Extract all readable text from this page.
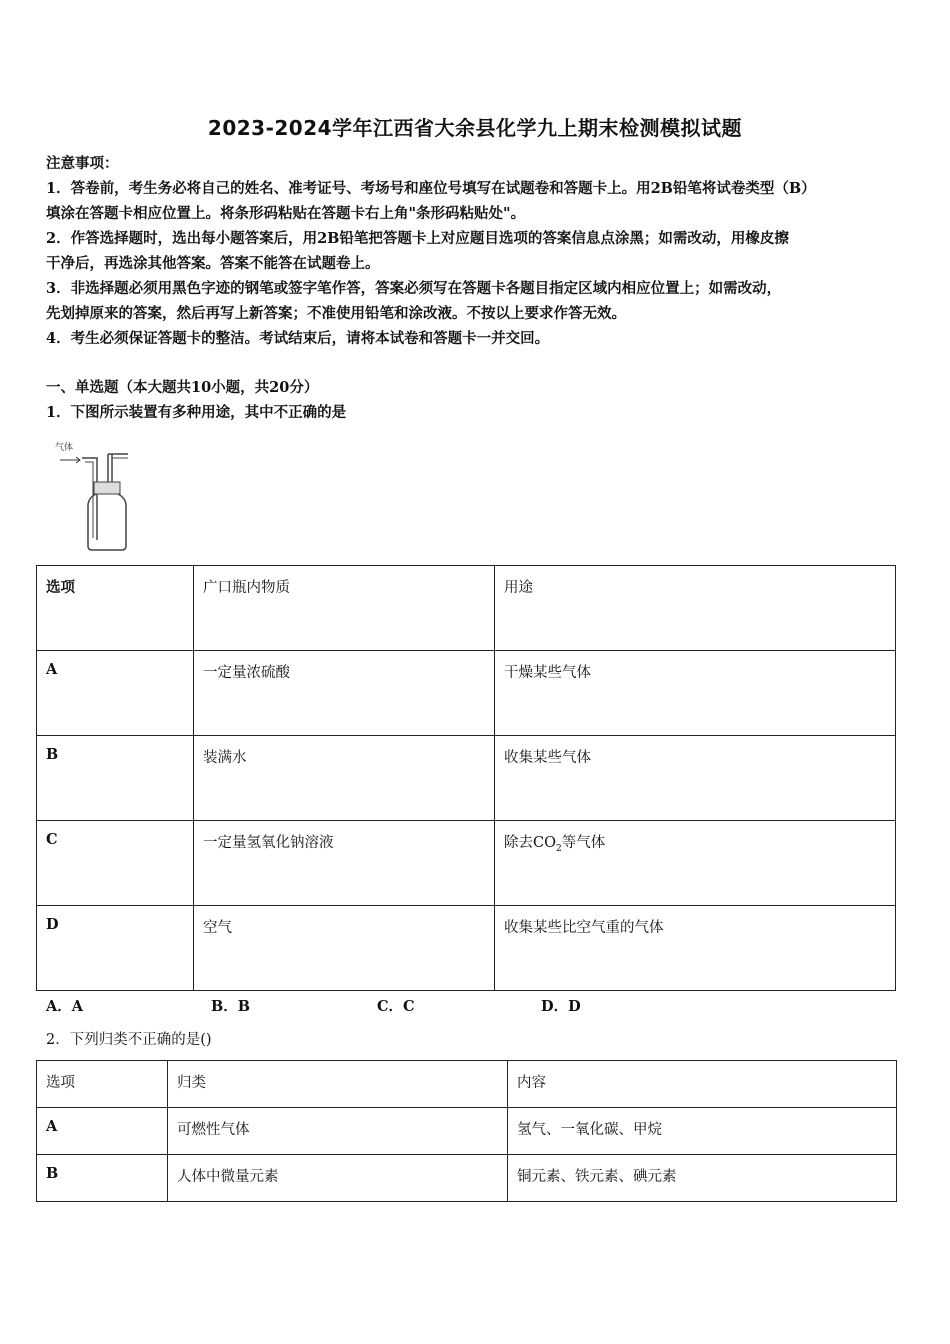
2023-2024学年江西省大余县化学九上期末检测模拟试题
注意事项：
1．答卷前，考生务必将自己的姓名、准考证号、考场号和座位号填写在试题卷和答题卡上。用2B铅笔将试卷类型（B）
填涂在答题卡相应位置上。将条形码粘贴在答题卡右上角"条形码粘贴处"。
2．作答选择题时，选出每小题答案后，用2B铅笔把答题卡上对应题目选项的答案信息点涂黑；如需改动，用橡皮擦
干净后，再选涂其他答案。答案不能答在试题卷上。
3．非选择题必须用黑色字迹的钢笔或签字笔作答，答案必须写在答题卡各题目指定区域内相应位置上；如需改动，
先划掉原来的答案，然后再写上新答案；不准使用铅笔和涂改液。不按以上要求作答无效。
4．考生必须保证答题卡的整洁。考试结束后，请将本试卷和答题卡一并交回。
一、单选题（本大题共10小题，共20分）
1．下图所示装置有多种用途，其中不正确的是
气体
选项	广口瓶内物质	用途
A	一定量浓硫酸	干燥某些气体
B	装满水	收集某些气体
C	一定量氢氧化钠溶液	除去$CO_2$等气体
D	空气	收集某些比空气重的气体
A．A	B．B	C．C	D．D
2．下列归类不正确的是()
选项	归类	内容
A	可燃性气体	氢气、一氧化碳、甲烷
B	人体中微量元素	铜元素、铁元素、碘元素
